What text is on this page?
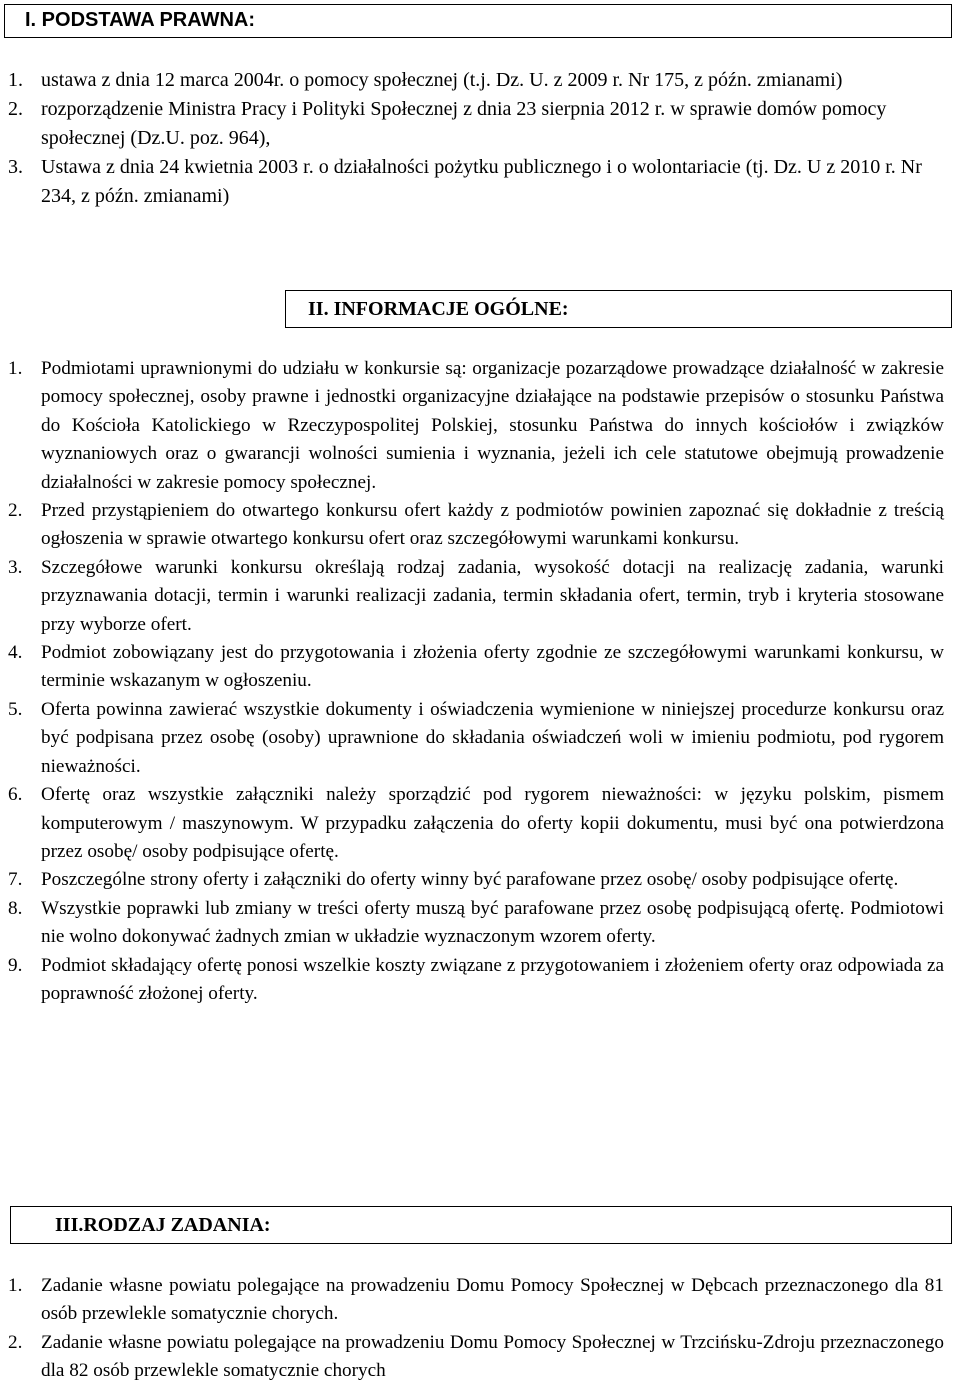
I. PODSTAWA PRAWNA:
1. ustawa z dnia 12 marca 2004r. o pomocy społecznej (t.j. Dz. U. z 2009 r. Nr 175, z późn. zmianami)
2. rozporządzenie Ministra Pracy i Polityki Społecznej z dnia 23 sierpnia 2012 r. w sprawie domów pomocy społecznej (Dz.U. poz. 964),
3. Ustawa z dnia 24 kwietnia 2003 r. o działalności pożytku publicznego i o wolontariacie (tj. Dz. U z 2010 r. Nr 234, z późn. zmianami)
II. INFORMACJE OGÓLNE:
1. Podmiotami uprawnionymi do udziału w konkursie są: organizacje pozarządowe prowadzące działalność w zakresie pomocy społecznej, osoby prawne i jednostki organizacyjne działające na podstawie przepisów o stosunku Państwa do Kościoła Katolickiego w Rzeczypospolitej Polskiej, stosunku Państwa do innych kościołów i związków wyznaniowych oraz o gwarancji wolności sumienia i wyznania, jeżeli ich cele statutowe obejmują prowadzenie działalności w zakresie pomocy społecznej.
2. Przed przystąpieniem do otwartego konkursu ofert każdy z podmiotów powinien zapoznać się dokładnie z treścią ogłoszenia w sprawie otwartego konkursu ofert oraz szczegółowymi warunkami konkursu.
3. Szczegółowe warunki konkursu określają rodzaj zadania, wysokość dotacji na realizację zadania, warunki przyznawania dotacji, termin i warunki realizacji zadania, termin składania ofert, termin, tryb i kryteria stosowane przy wyborze ofert.
4. Podmiot zobowiązany jest do przygotowania i złożenia oferty zgodnie ze szczegółowymi warunkami konkursu, w terminie wskazanym w ogłoszeniu.
5. Oferta powinna zawierać wszystkie dokumenty i oświadczenia wymienione w niniejszej procedurze konkursu oraz być podpisana przez osobę (osoby) uprawnione do składania oświadczeń woli w imieniu podmiotu, pod rygorem nieważności.
6. Ofertę oraz wszystkie załączniki należy sporządzić pod rygorem nieważności: w języku polskim, pismem komputerowym / maszynowym. W przypadku załączenia do oferty kopii dokumentu, musi być ona potwierdzona przez osobę/ osoby podpisujące ofertę.
7. Poszczególne strony oferty i załączniki do oferty winny być parafowane przez osobę/ osoby podpisujące ofertę.
8. Wszystkie poprawki lub zmiany w treści oferty muszą być parafowane przez osobę podpisującą ofertę. Podmiotowi nie wolno dokonywać żadnych zmian w układzie wyznaczonym wzorem oferty.
9. Podmiot składający ofertę ponosi wszelkie koszty związane z przygotowaniem i złożeniem oferty oraz odpowiada za poprawność złożonej oferty.
III.RODZAJ ZADANIA:
1. Zadanie własne powiatu polegające na prowadzeniu Domu Pomocy Społecznej w Dębcach przeznaczonego dla 81 osób przewlekle somatycznie chorych.
2. Zadanie własne powiatu polegające na prowadzeniu Domu Pomocy Społecznej w Trzcińsku-Zdroju przeznaczonego dla 82 osób przewlekle somatycznie chorych
